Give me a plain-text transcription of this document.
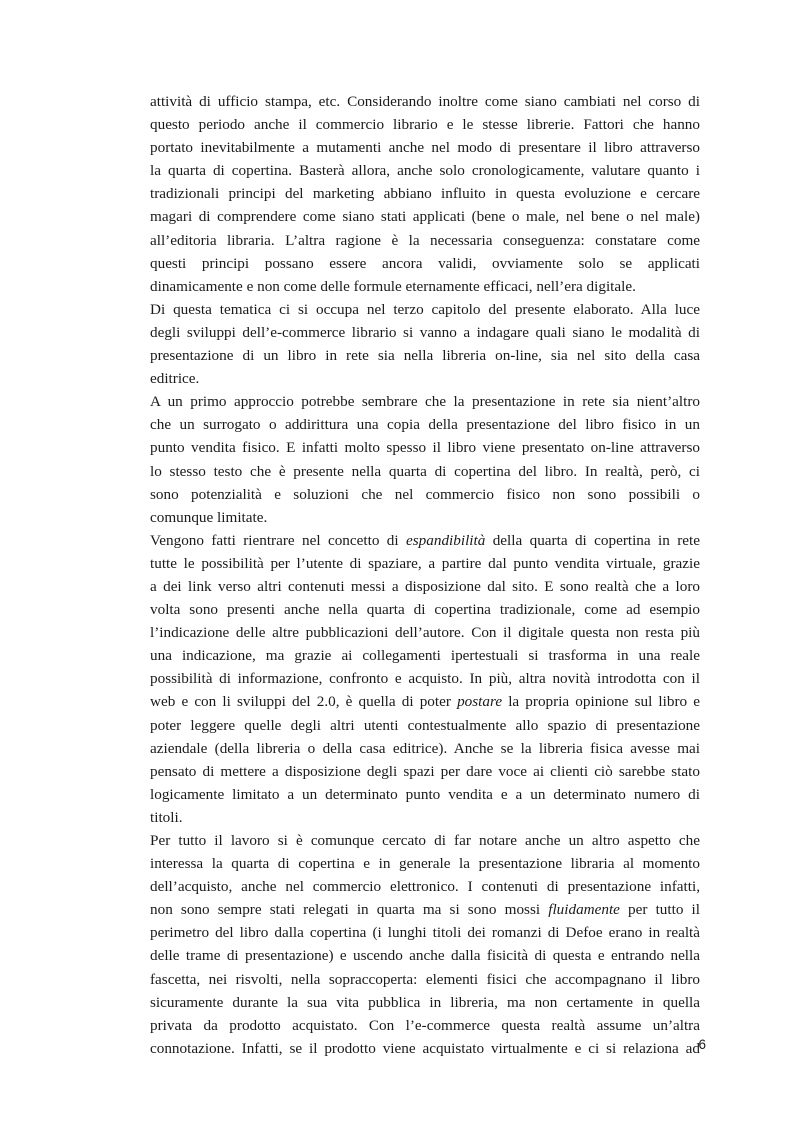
attività di ufficio stampa, etc. Considerando inoltre come siano cambiati nel corso di
questo periodo anche il commercio librario e le stesse librerie. Fattori che hanno
portato inevitabilmente a mutamenti anche nel modo di presentare il libro attraverso
la quarta di copertina. Basterà allora, anche solo cronologicamente, valutare quanto i
tradizionali principi del marketing abbiano influito in questa evoluzione e cercare
magari di comprendere come siano stati applicati (bene o male, nel bene o nel male)
all’editoria libraria. L’altra ragione è la necessaria conseguenza: constatare come
questi principi possano essere ancora validi, ovviamente solo se applicati
dinamicamente e non come delle formule eternamente efficaci, nell’era digitale.

Di questa tematica ci si occupa nel terzo capitolo del presente elaborato. Alla luce
degli sviluppi dell’e-commerce librario si vanno a indagare quali siano le modalità di
presentazione di un libro in rete sia nella libreria on-line, sia nel sito della casa
editrice.

A un primo approccio potrebbe sembrare che la presentazione in rete sia nient’altro
che un surrogato o addirittura una copia della presentazione del libro fisico in un
punto vendita fisico. E infatti molto spesso il libro viene presentato on-line attraverso
lo stesso testo che è presente nella quarta di copertina del libro. In realtà, però, ci
sono potenzialità e soluzioni che nel commercio fisico non sono possibili o
comunque limitate.

Vengono fatti rientrare nel concetto di espandibilità della quarta di copertina in rete
tutte le possibilità per l’utente di spaziare, a partire dal punto vendita virtuale, grazie
a dei link verso altri contenuti messi a disposizione dal sito. E sono realtà che a loro
volta sono presenti anche nella quarta di copertina tradizionale, come ad esempio
l’indicazione delle altre pubblicazioni dell’autore. Con il digitale questa non resta più
una indicazione, ma grazie ai collegamenti ipertestuali si trasforma in una reale
possibilità di informazione, confronto e acquisto. In più, altra novità introdotta con il
web e con li sviluppi del 2.0, è quella di poter postare la propria opinione sul libro e
poter leggere quelle degli altri utenti contestualmente allo spazio di presentazione
aziendale (della libreria o della casa editrice). Anche se la libreria fisica avesse mai
pensato di mettere a disposizione degli spazi per dare voce ai clienti ciò sarebbe stato
logicamente limitato a un determinato punto vendita e a un determinato numero di
titoli.

Per tutto il lavoro si è comunque cercato di far notare anche un altro aspetto che
interessa la quarta di copertina e in generale la presentazione libraria al momento
dell’acquisto, anche nel commercio elettronico. I contenuti di presentazione infatti,
non sono sempre stati relegati in quarta ma si sono mossi fluidamente per tutto il
perimetro del libro dalla copertina (i lunghi titoli dei romanzi di Defoe erano in realtà
delle trame di presentazione) e uscendo anche dalla fisicità di questa e entrando nella
fascetta, nei risvolti, nella sopraccoperta: elementi fisici che accompagnano il libro
sicuramente durante la sua vita pubblica in libreria, ma non certamente in quella
privata da prodotto acquistato. Con l’e-commerce questa realtà assume un’altra
connotazione. Infatti, se il prodotto viene acquistato virtualmente e ci si relaziona ad

6
